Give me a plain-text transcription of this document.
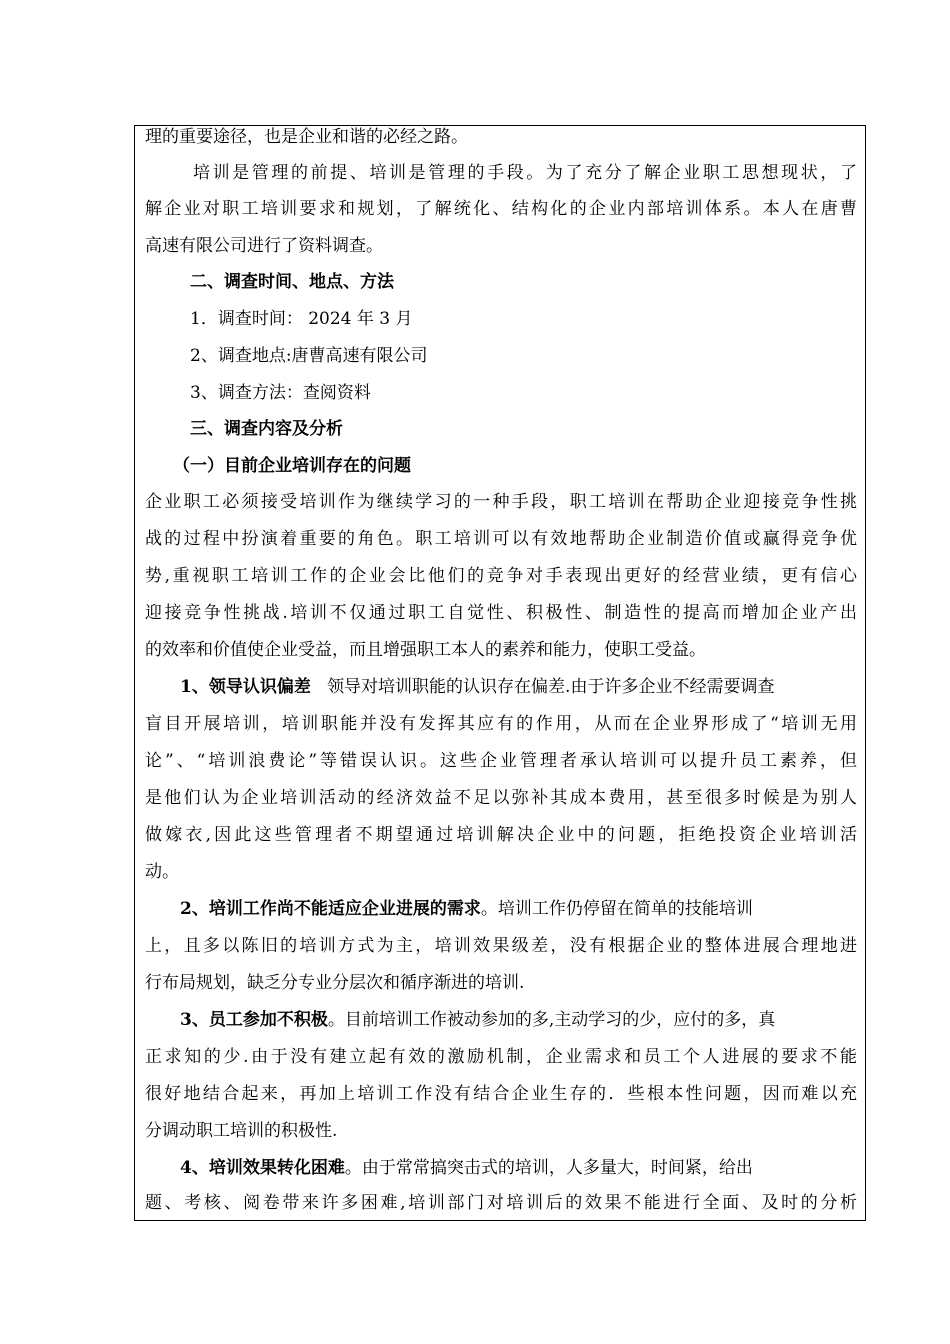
理的重要途径，也是企业和谐的必经之路。
培训是管理的前提、培训是管理的手段。为了充分了解企业职工思想现状，了
解企业对职工培训要求和规划，了解统化、结构化的企业内部培训体系。本人在唐曹
高速有限公司进行了资料调查。
二、调查时间、地点、方法
1．调查时间： 2024 年 3 月
2、调查地点:唐曹高速有限公司
3、调查方法：查阅资料
三、调查内容及分析
（一）目前企业培训存在的问题
企业职工必须接受培训作为继续学习的一种手段，职工培训在帮助企业迎接竞争性挑
战的过程中扮演着重要的角色。职工培训可以有效地帮助企业制造价值或赢得竞争优
势,重视职工培训工作的企业会比他们的竞争对手表现出更好的经营业绩，更有信心
迎接竞争性挑战.培训不仅通过职工自觉性、积极性、制造性的提高而增加企业产出
的效率和价值使企业受益，而且增强职工本人的素养和能力，使职工受益。
1、领导认识偏差 领导对培训职能的认识存在偏差.由于许多企业不经需要调查
盲目开展培训，培训职能并没有发挥其应有的作用，从而在企业界形成了“培训无用
论”、“培训浪费论”等错误认识。这些企业管理者承认培训可以提升员工素养，但
是他们认为企业培训活动的经济效益不足以弥补其成本费用，甚至很多时候是为别人
做嫁衣,因此这些管理者不期望通过培训解决企业中的问题，拒绝投资企业培训活
动。
2、培训工作尚不能适应企业进展的需求。培训工作仍停留在简单的技能培训
上，且多以陈旧的培训方式为主，培训效果级差，没有根据企业的整体进展合理地进
行布局规划，缺乏分专业分层次和循序渐进的培训.
3、员工参加不积极。目前培训工作被动参加的多,主动学习的少，应付的多，真
正求知的少.由于没有建立起有效的激励机制，企业需求和员工个人进展的要求不能
很好地结合起来，再加上培训工作没有结合企业生存的．些根本性问题，因而难以充
分调动职工培训的积极性.
4、培训效果转化困难。由于常常搞突击式的培训，人多量大，时间紧，给出
题、考核、阅卷带来许多困难,培训部门对培训后的效果不能进行全面、及时的分析
